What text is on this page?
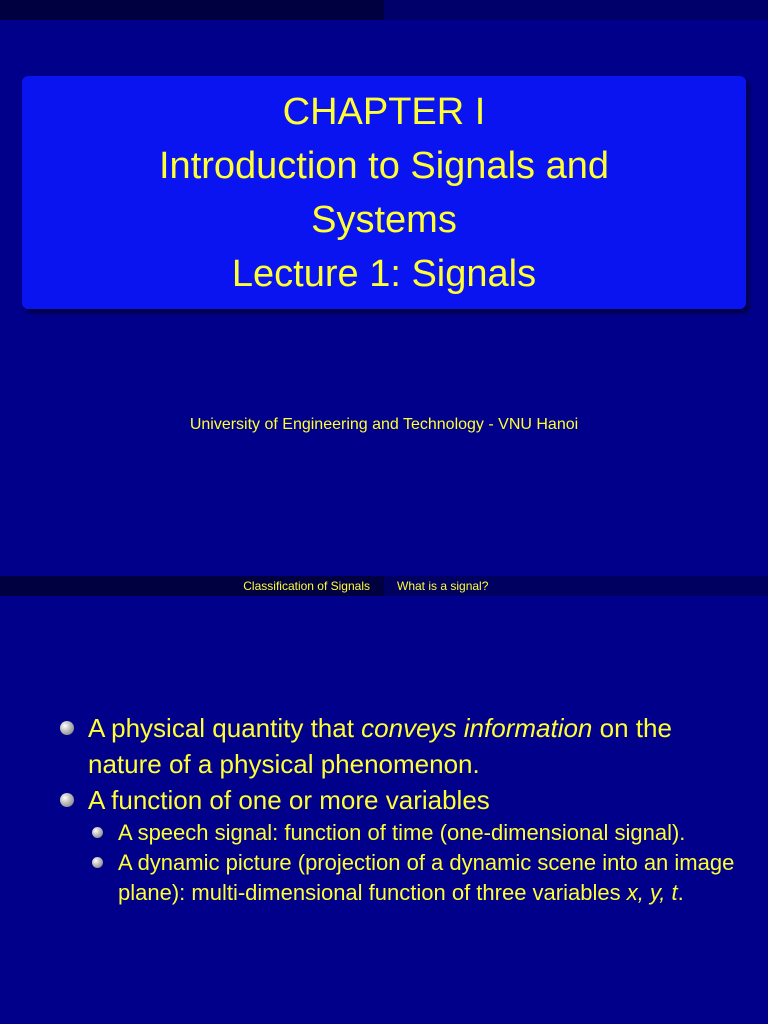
CHAPTER I
Introduction to Signals and
Systems
Lecture 1: Signals
University of Engineering and Technology - VNU Hanoi
Classification of Signals What is a signal?
A physical quantity that conveys information on the nature of a physical phenomenon.
A function of one or more variables
A speech signal: function of time (one-dimensional signal).
A dynamic picture (projection of a dynamic scene into an image plane): multi-dimensional function of three variables x, y, t.
